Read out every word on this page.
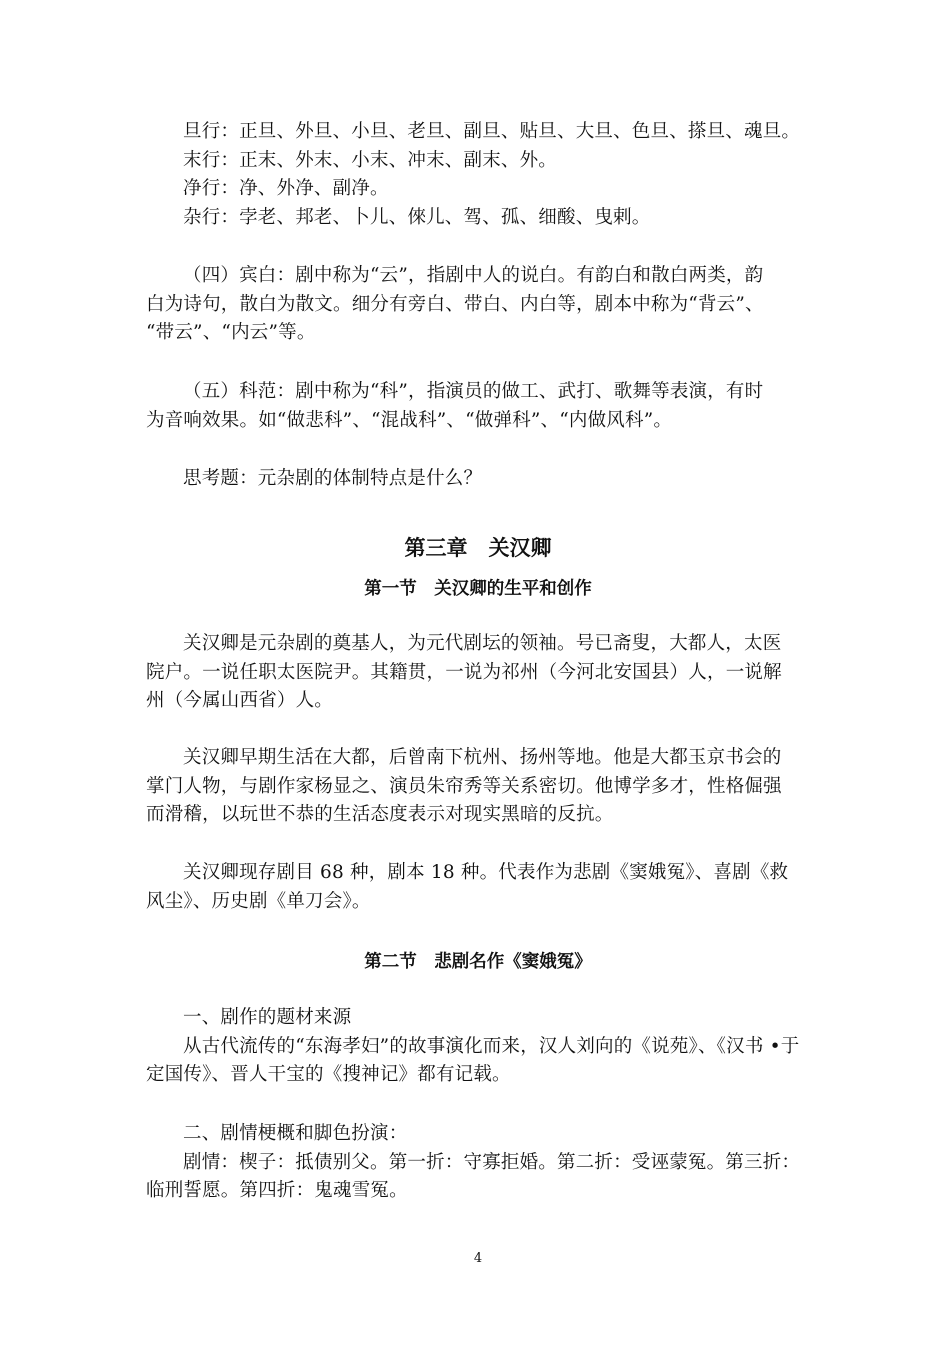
旦行：正旦、外旦、小旦、老旦、副旦、贴旦、大旦、色旦、搽旦、魂旦。
末行：正末、外末、小末、冲末、副末、外。
净行：净、外净、副净。
杂行：孛老、邦老、卜儿、倈儿、驾、孤、细酸、曳剌。
（四）宾白：剧中称为“云”，指剧中人的说白。有韵白和散白两类，韵
白为诗句，散白为散文。细分有旁白、带白、内白等，剧本中称为“背云”、
“带云”、“内云”等。
（五）科范：剧中称为“科”，指演员的做工、武打、歌舞等表演，有时
为音响效果。如“做悲科”、“混战科”、“做弹科”、“内做风科”。

思考题：元杂剧的体制特点是什么？

第三章　关汉卿
第一节　关汉卿的生平和创作
关汉卿是元杂剧的奠基人，为元代剧坛的领袖。号已斋叟，大都人，太医
院户。一说任职太医院尹。其籍贯，一说为祁州（今河北安国县）人，一说解
州（今属山西省）人。
关汉卿早期生活在大都，后曾南下杭州、扬州等地。他是大都玉京书会的
掌门人物，与剧作家杨显之、演员朱帘秀等关系密切。他博学多才，性格倔强
而滑稽，以玩世不恭的生活态度表示对现实黑暗的反抗。
关汉卿现存剧目 68 种，剧本 18 种。代表作为悲剧《窦娥冤》、喜剧《救
风尘》、历史剧《单刀会》。
第二节　悲剧名作《窦娥冤》
一、剧作的题材来源
从古代流传的“东海孝妇”的故事演化而来，汉人刘向的《说苑》、《汉书 •于
定国传》、晋人干宝的《搜神记》都有记载。
二、剧情梗概和脚色扮演：
剧情：楔子：抵债别父。第一折：守寡拒婚。第二折：受诬蒙冤。第三折：
临刑誓愿。第四折：鬼魂雪冤。

4
